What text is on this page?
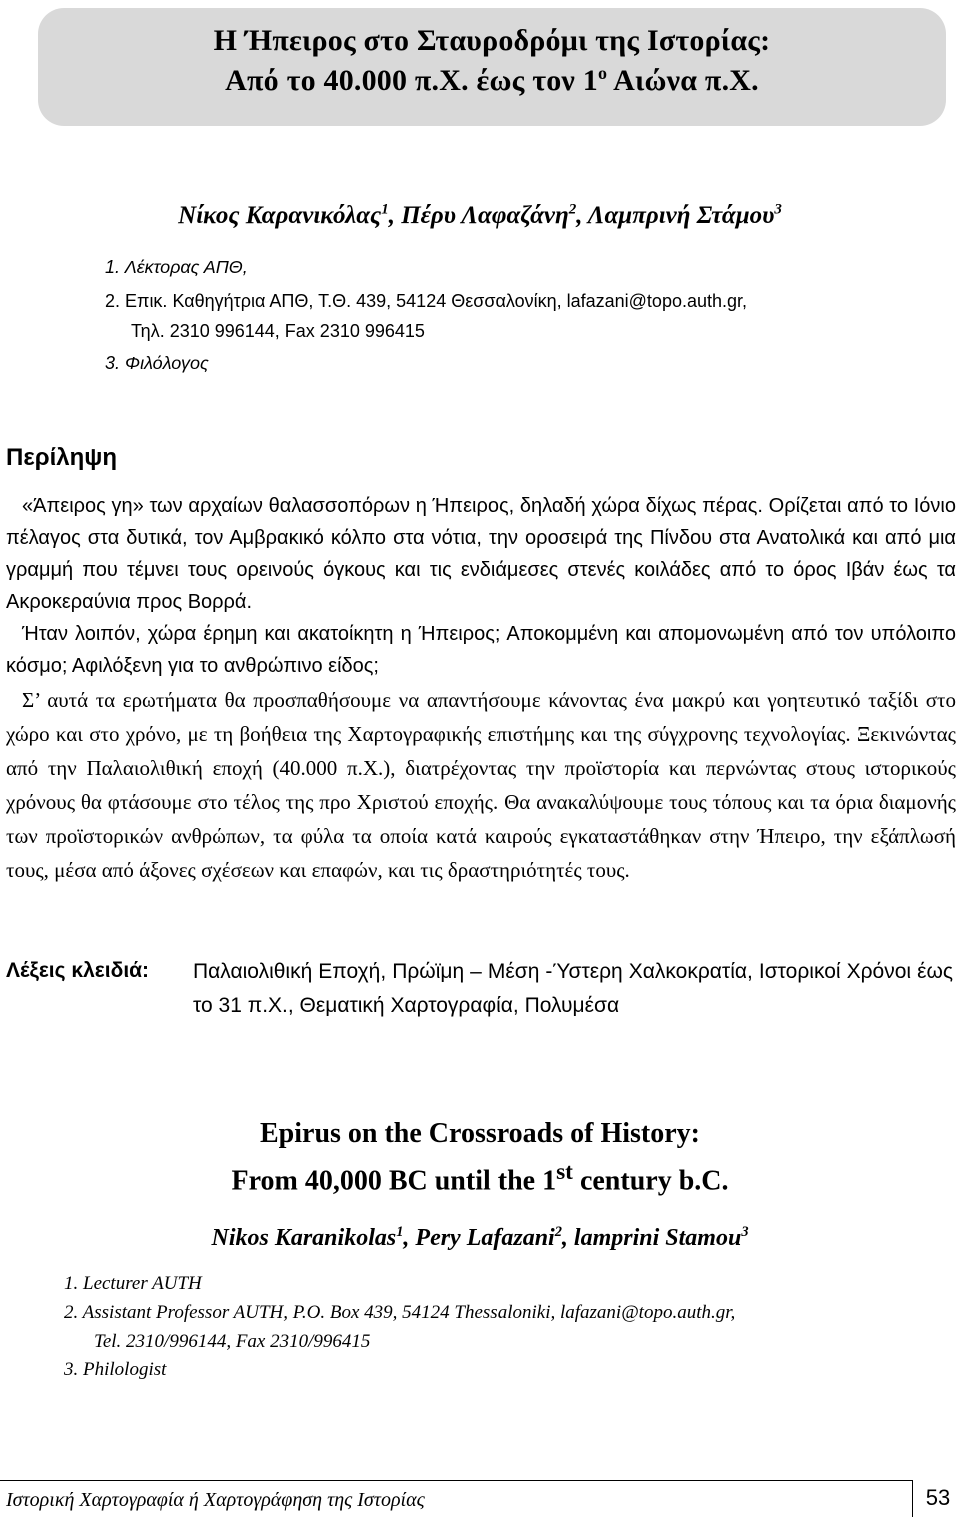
Η Ήπειρος στο Σταυροδρόμι της Ιστορίας:
Από το 40.000 π.Χ. έως τον $1^o$ Αιώνα π.Χ.
Νίκος Καρανικόλας$^1$, Πέρυ Λαφαζάνη$^2$, Λαμπρινή Στάμου$^3$
1. Λέκτορας ΑΠΘ,
2. Επικ. Καθηγήτρια ΑΠΘ, Τ.Θ. 439, 54124 Θεσσαλονίκη, lafazani@topo.auth.gr,
Τηλ. 2310 996144, Fax 2310 996415
3. Φιλόλογος
Περίληψη

«Άπειρος γη» των αρχαίων θαλασσοπόρων η Ήπειρος, δηλαδή χώρα δίχως πέρας. Ορίζεται από το Ιόνιο πέλαγος στα δυτικά, τον Αμβρακικό κόλπο στα νότια, την οροσειρά της Πίνδου στα Ανατολικά και από μια γραμμή που τέμνει τους ορεινούς όγκους και τις ενδιάμεσες στενές κοιλάδες από το όρος Ιβάν έως τα Ακροκεραύνια προς Βορρά.

Ήταν λοιπόν, χώρα έρημη και ακατοίκητη η Ήπειρος; Αποκομμένη και απομονωμένη από τον υπόλοιπο κόσμο; Αφιλόξενη για το ανθρώπινο είδος;

Σ’ αυτά τα ερωτήματα θα προσπαθήσουμε να απαντήσουμε κάνοντας ένα μακρύ και γοητευτικό ταξίδι στο χώρο και στο χρόνο, με τη βοήθεια της Χαρτογραφικής επιστήμης και της σύγχρονης τεχνολογίας. Ξεκινώντας από την Παλαιολιθική εποχή (40.000 π.Χ.), διατρέχοντας την προϊστορία και περνώντας στους ιστορικούς χρόνους θα φτάσουμε στο τέλος της προ Χριστού εποχής. Θα ανακαλύψουμε τους τόπους και τα όρια διαμονής των προϊστορικών ανθρώπων, τα φύλα τα οποία κατά καιρούς εγκαταστάθηκαν στην Ήπειρο, την εξάπλωσή τους, μέσα από άξονες σχέσεων και επαφών, και τις δραστηριότητές τους.

Λέξεις κλειδιά: Παλαιολιθική Εποχή, Πρώϊμη – Μέση -Ύστερη Χαλκοκρατία, Ιστορικοί Χρόνοι έως το 31 π.Χ., Θεματική Χαρτογραφία, Πολυμέσα

Epirus on the Crossroads of History:
From 40,000 BC until the 1st century b.C.
Nikos Karanikolas$^1$, Pery Lafazani$^2$, lamprini Stamou$^3$
1. Lecturer AUTH
2. Assistant Professor AUTH, P.O. Box 439, 54124 Thessaloniki, lafazani@topo.auth.gr,
Tel. 2310/996144, Fax 2310/996415
3. Philologist
Ιστορική Χαρτογραφία ή Χαρτογράφηση της Ιστορίας	53
